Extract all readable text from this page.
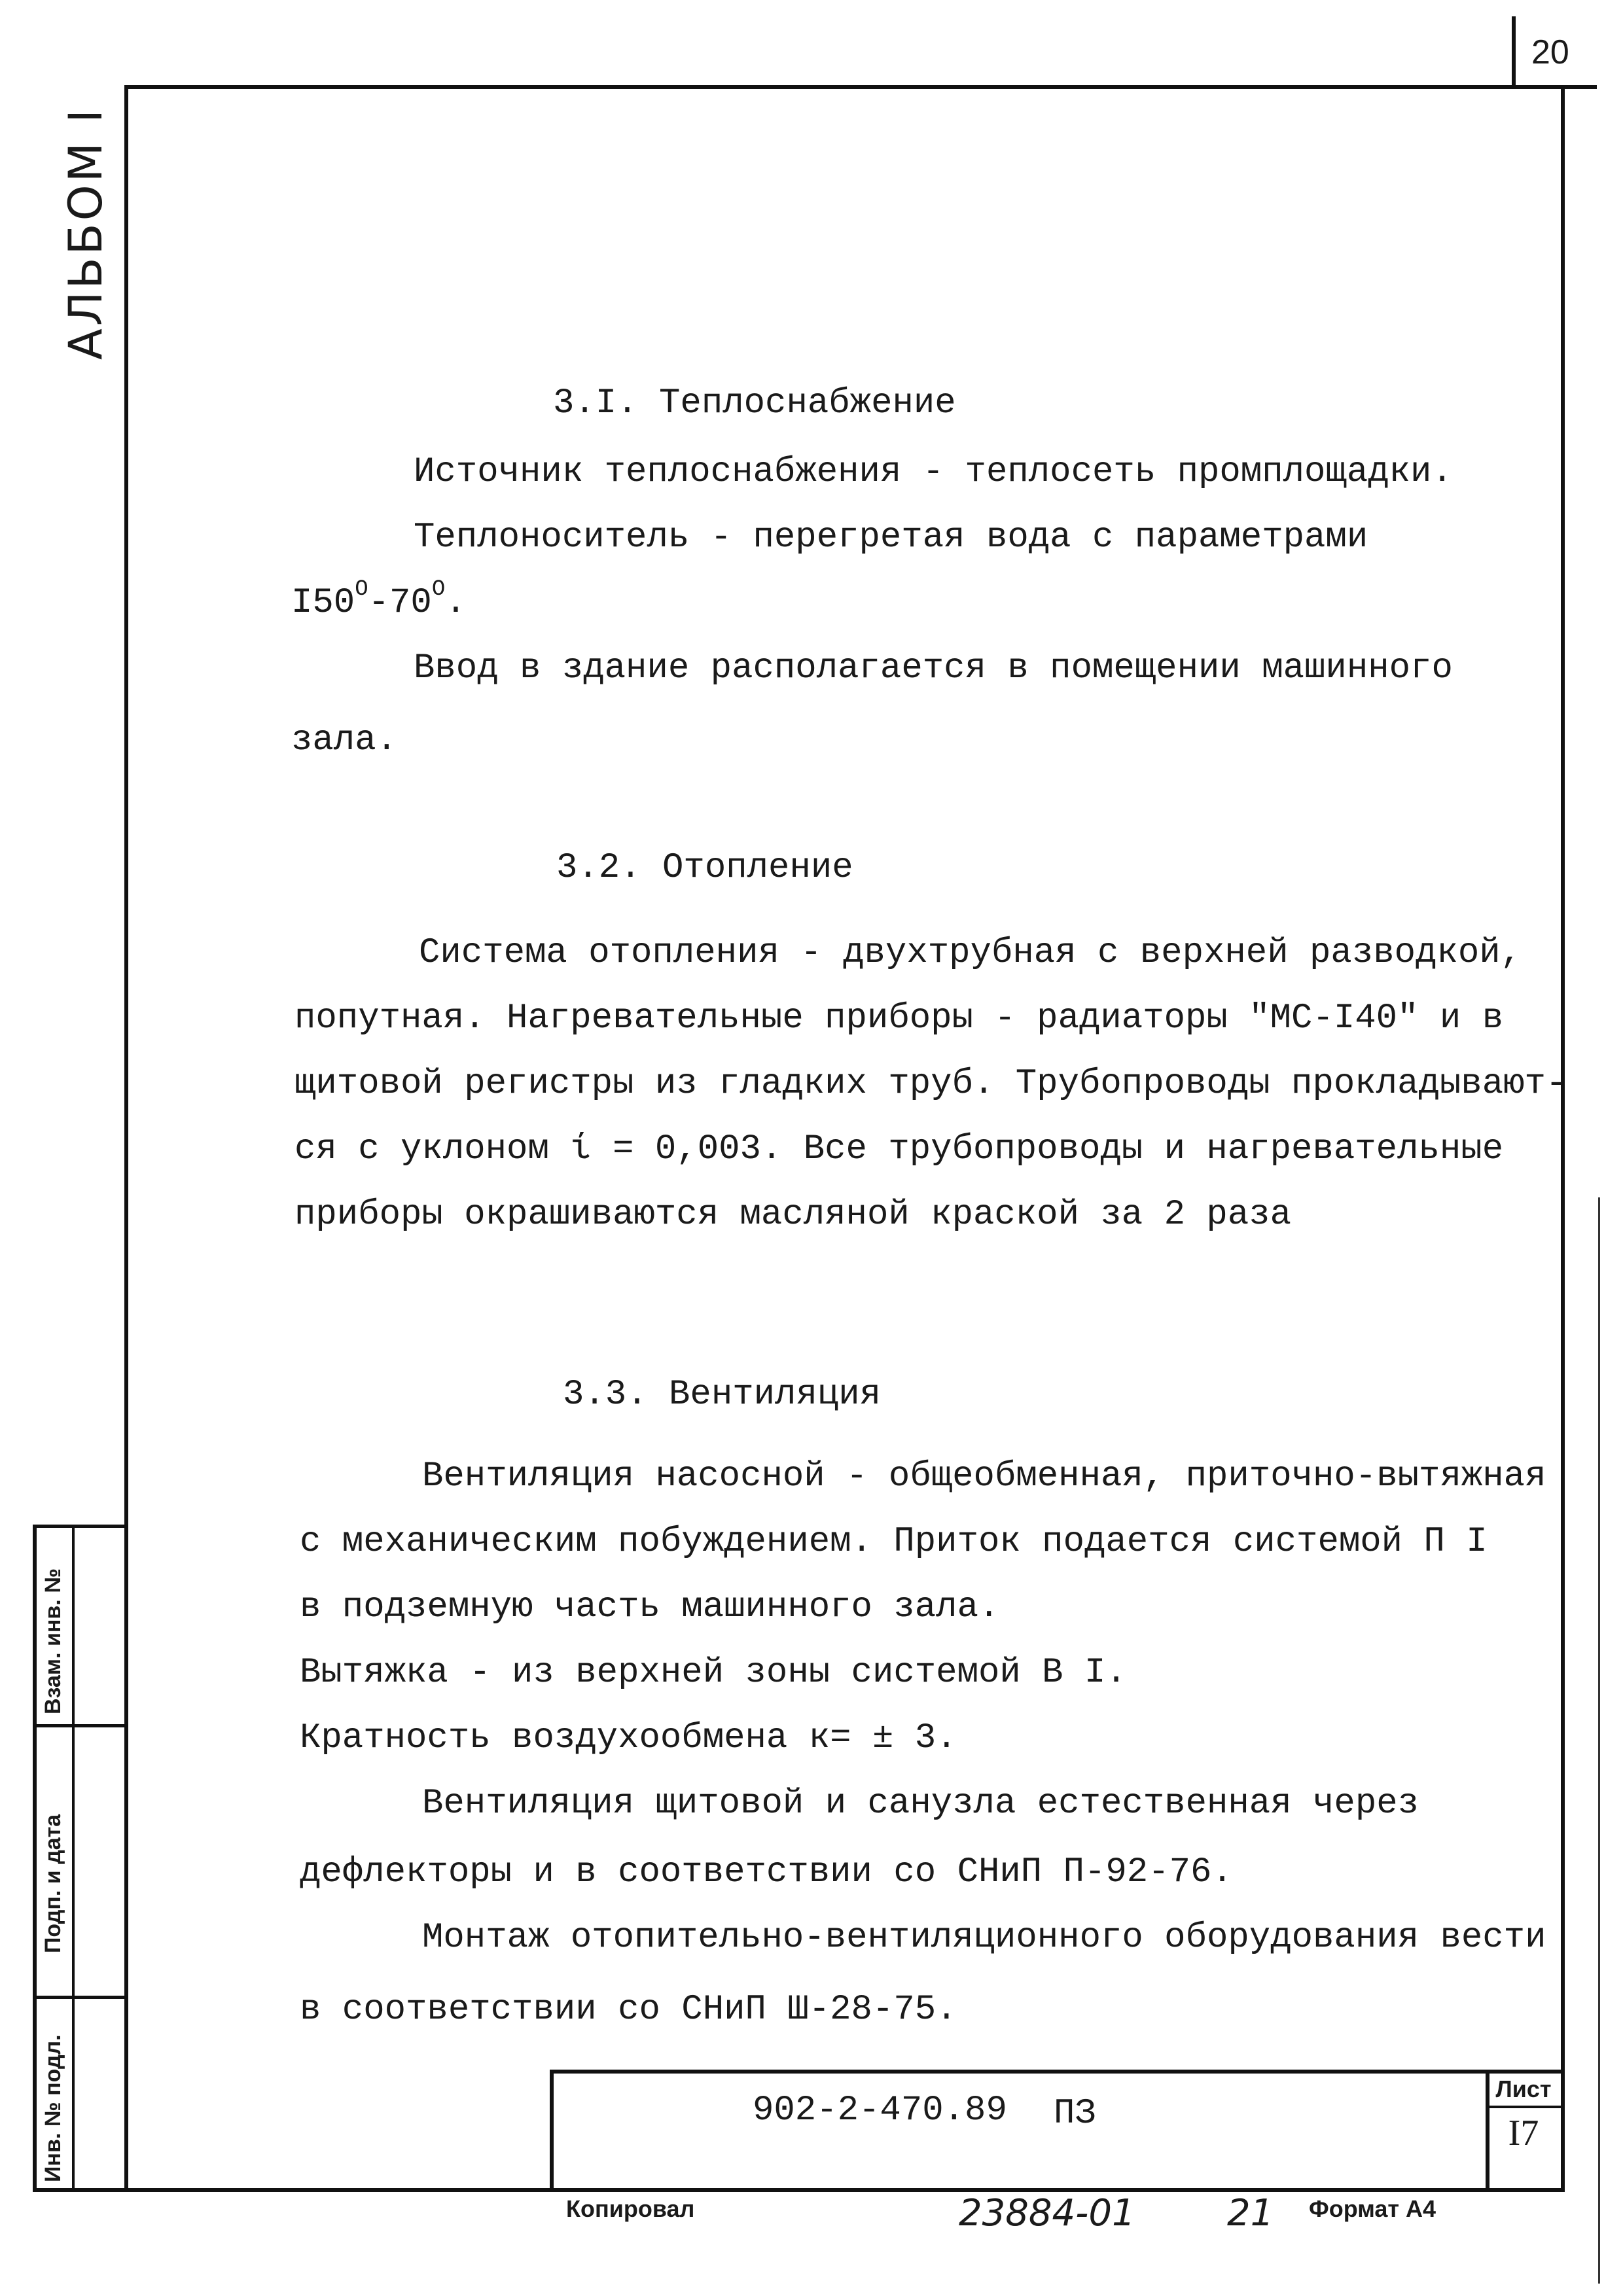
20
АЛЬБОМ I
3.I. Теплоснабжение
Источник теплоснабжения - теплосеть промплощадки.
Теплоноситель - перегретая вода с параметрами
$I50^O-70^O$.
Ввод в здание располагается в помещении машинного
зала.
3.2. Отопление
Система отопления - двухтрубная с верхней разводкой,
попутная. Нагревательные приборы - радиаторы "МС-I40" и в
щитовой регистры из гладких труб. Трубопроводы прокладывают-
ся с уклоном ί = 0,003. Все трубопроводы и нагревательные
приборы окрашиваются масляной краской за 2 раза
3.3. Вентиляция
Вентиляция насосной - общеобменная, приточно-вытяжная
с механическим побуждением. Приток подается системой П I
в подземную часть машинного зала.
Вытяжка - из верхней зоны системой В I.
Кратность воздухообмена к= ± 3.
Вентиляция щитовой и санузла естественная через
дефлекторы и в соответствии со СНиП П-92-76.
Монтаж отопительно-вентиляционного оборудования вести
в соответствии со СНиП Ш-28-75.
902-2-470.89 ПЗ
Лист
I7
Взам. инв. №
Подп. и дата
Инв. № подл.
Копировал	23884-01	21 Формат А4
